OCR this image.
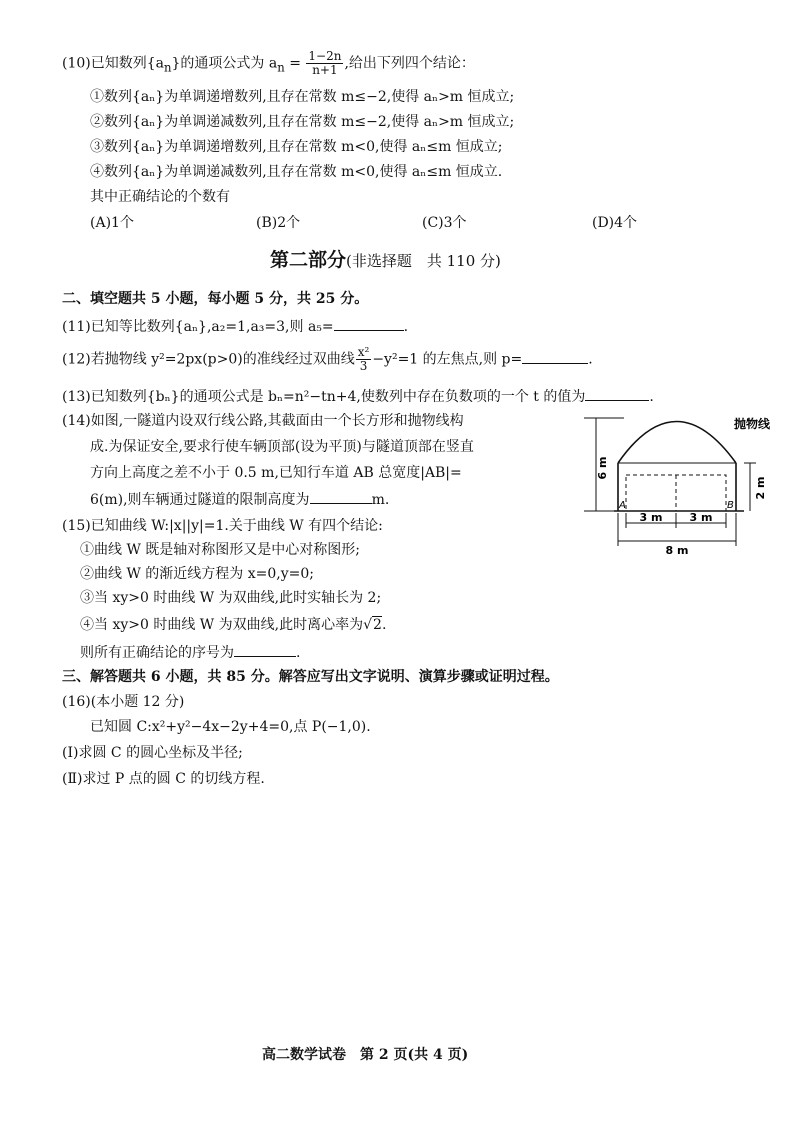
(10)已知数列$\{a_n\}$的通项公式为 $a_n = \frac{1-2n}{n+1}$ ,给出下列四个结论：
①数列{aₙ}为单调递增数列,且存在常数 m≤−2,使得 aₙ>m 恒成立;
②数列{aₙ}为单调递减数列,且存在常数 m≤−2,使得 aₙ>m 恒成立;
③数列{aₙ}为单调递增数列,且存在常数 m<0,使得 aₙ≤m 恒成立;
④数列{aₙ}为单调递减数列,且存在常数 m<0,使得 aₙ≤m 恒成立.
其中正确结论的个数有
(A)1个	(B)2个	(C)3个	(D)4个
第二部分(非选择题　共 110 分)
二、填空题共 5 小题，每小题 5 分，共 25 分。
(11)已知等比数列{aₙ},a₂=1,a₃=3,则 a₅=	.
(12)若抛物线 y²=2px(p>0)的准线经过双曲线 $\frac{\text{x²}}{3} -y^2=1$ 的左焦点,则 p=	.
(13)已知数列{bₙ}的通项公式是 bₙ=n²−tn+4,使数列中存在负数项的一个 t 的值为	.
(14)如图,一隧道内设双行线公路,其截面由一个长方形和抛物线构
成.为保证安全,要求行使车辆顶部(设为平顶)与隧道顶部在竖直
方向上高度之差不小于 0.5 m,已知行车道 AB 总宽度|AB|=
6(m),则车辆通过隧道的限制高度为	m.
(15)已知曲线 W:|x||y|=1.关于曲线 W 有四个结论:
①曲线 W 既是轴对称图形又是中心对称图形;
②曲线 W 的渐近线方程为 x=0,y=0;
③当 xy>0 时曲线 W 为双曲线,此时实轴长为 2;
④当 xy>0 时曲线 W 为双曲线,此时离心率为√2.
则所有正确结论的序号为	.
6 m
2 m
抛物线
A	B
3 m 3 m
8 m
三、解答题共 6 小题，共 85 分。解答应写出文字说明、演算步骤或证明过程。
(16)(本小题 12 分)
已知圆 C:x²+y²−4x−2y+4=0,点 P(−1,0).
(Ⅰ)求圆 C 的圆心坐标及半径;
(Ⅱ)求过 P 点的圆 C 的切线方程.
高二数学试卷　第 2 页(共 4 页)
